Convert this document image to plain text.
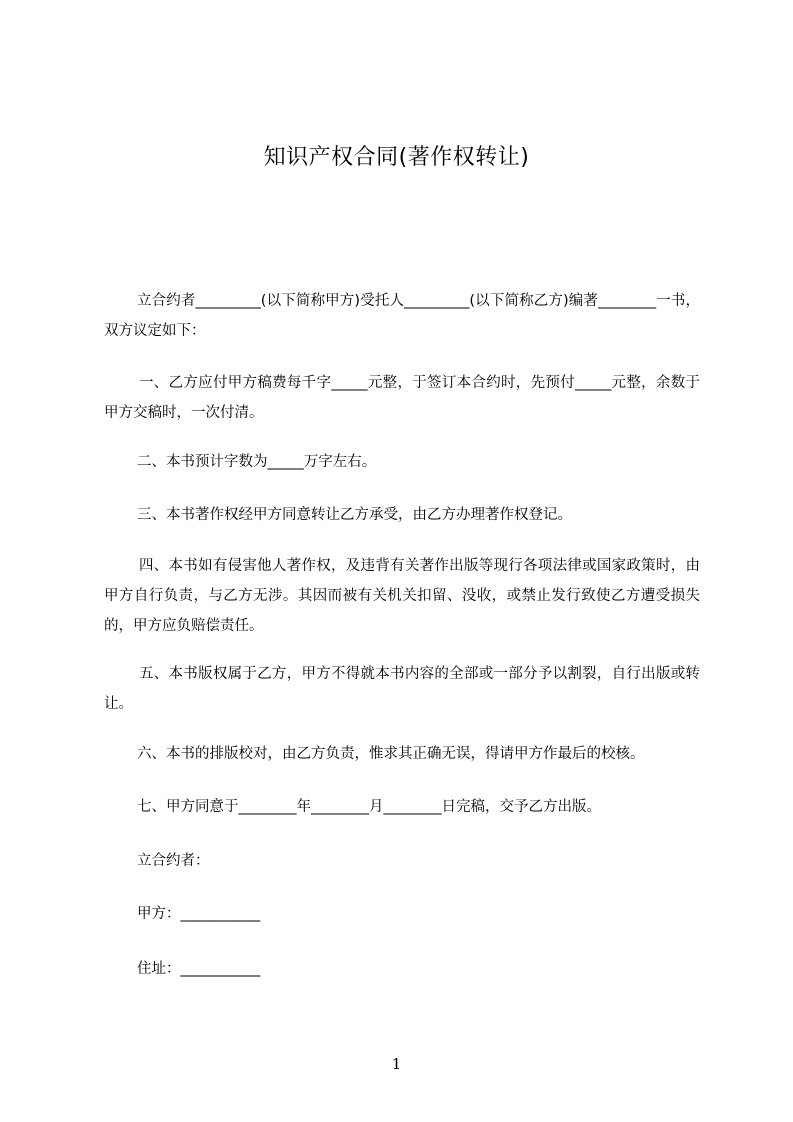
知识产权合同(著作权转让)
立合约者_________(以下简称甲方)受托人_________(以下简称乙方)编著________一书，双方议定如下：
一、乙方应付甲方稿费每千字_____元整，于签订本合约时，先预付_____元整，余数于甲方交稿时，一次付清。
二、本书预计字数为_____万字左右。
三、本书著作权经甲方同意转让乙方承受，由乙方办理著作权登记。
四、本书如有侵害他人著作权，及违背有关著作出版等现行各项法律或国家政策时，由甲方自行负责，与乙方无涉。其因而被有关机关扣留、没收，或禁止发行致使乙方遭受损失的，甲方应负赔偿责任。
五、本书版权属于乙方，甲方不得就本书内容的全部或一部分予以割裂，自行出版或转让。
六、本书的排版校对，由乙方负责，惟求其正确无误，得请甲方作最后的校核。
七、甲方同意于________年________月________日完稿，交予乙方出版。
立合约者：
甲方：___________
住址：___________
1
